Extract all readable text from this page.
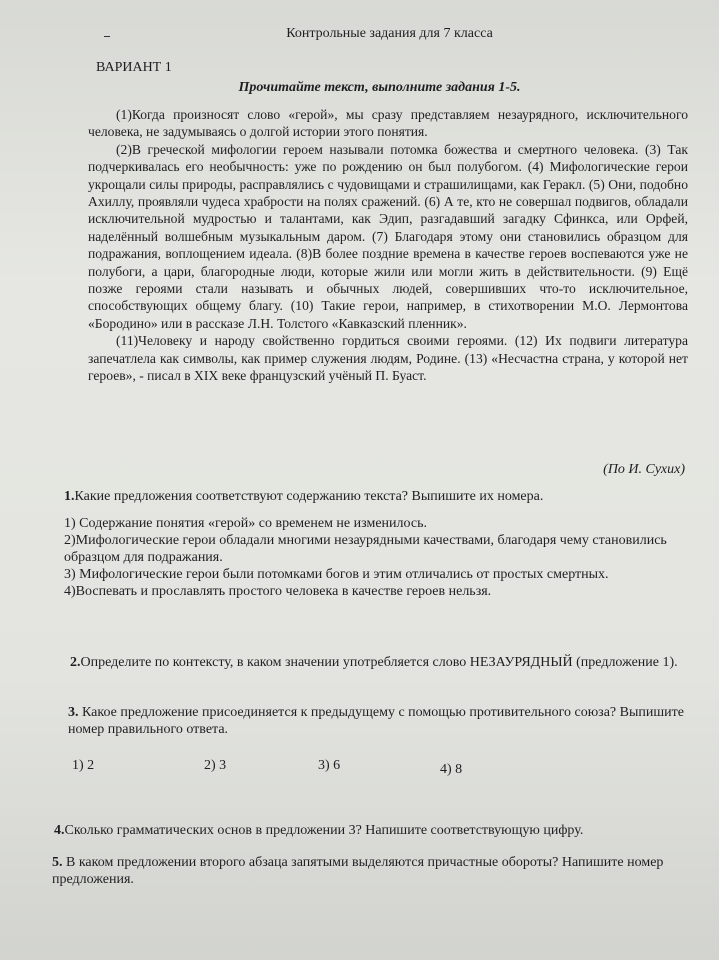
Контрольные задания для 7 класса
ВАРИАНТ 1
Прочитайте текст, выполните задания 1-5.

(1)Когда произносят слово «герой», мы сразу представляем незаурядного, исключительного человека, не задумываясь о долгой истории этого понятия.

(2)В греческой мифологии героем называли потомка божества и смертного человека. (3) Так подчеркивалась его необычность: уже по рождению он был полубогом. (4) Мифологические герои укрощали силы природы, расправлялись с чудовищами и страшилищами, как Геракл. (5) Они, подобно Ахиллу, проявляли чудеса храбрости на полях сражений. (6) А те, кто не совершал подвигов, обладали исключительной мудростью и талантами, как Эдип, разгадавший загадку Сфинкса, или Орфей, наделённый волшебным музыкальным даром. (7) Благодаря этому они становились образцом для подражания, воплощением идеала. (8)В более поздние времена в качестве героев воспеваются уже не полубоги, а цари, благородные люди, которые жили или могли жить в действительности. (9) Ещё позже героями стали называть и обычных людей, совершивших что-то исключительное, способствующих общему благу. (10) Такие герои, например, в стихотворении М.О. Лермонтова «Бородино» или в рассказе Л.Н. Толстого «Кавказский пленник».

(11)Человеку и народу свойственно гордиться своими героями. (12) Их подвиги литература запечатлела как символы, как пример служения людям, Родине. (13) «Несчастна страна, у которой нет героев», - писал в XIX веке французский учёный П. Буаст.

(По И. Сухих)
1.Какие предложения соответствуют содержанию текста? Выпишите их номера.
1) Содержание понятия «герой» со временем не изменилось.
2)Мифологические герои обладали многими незаурядными качествами, благодаря чему становились образцом для подражания.
3) Мифологические герои были потомками богов и этим отличались от простых смертных.
4)Воспевать и прославлять простого человека в качестве героев нельзя.
2.Определите по контексту, в каком значении употребляется слово НЕЗАУРЯДНЫЙ (предложение 1).
3. Какое предложение присоединяется к предыдущему с помощью противительного союза? Выпишите номер правильного ответа.
1) 2	2) 3	3) 6	4) 8
4.Сколько грамматических основ в предложении 3? Напишите соответствующую цифру.
5. В каком предложении второго абзаца запятыми выделяются причастные обороты? Напишите номер предложения.
